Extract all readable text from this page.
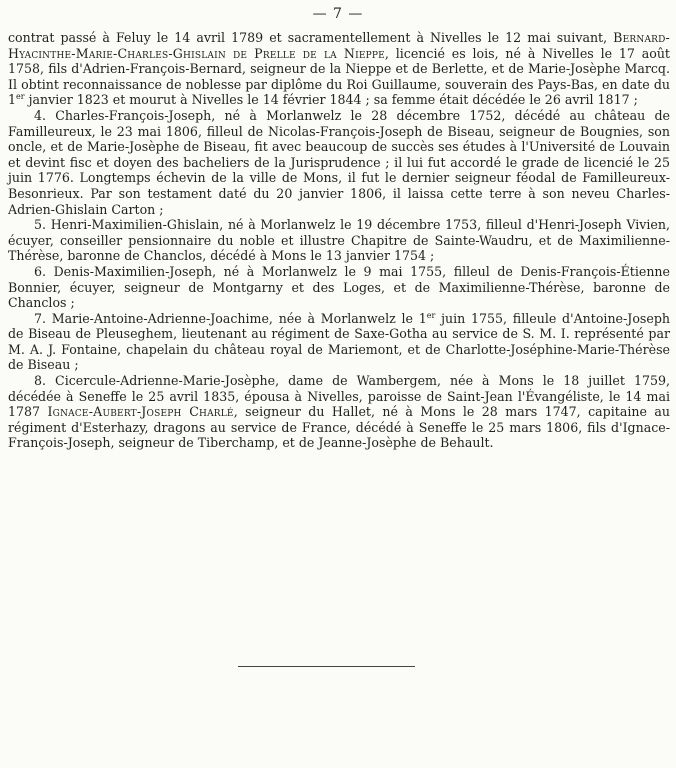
— 7 —

contrat passé à Feluy le 14 avril 1789 et sacramentellement à Nivelles le 12 mai suivant, Bernard-Hyacinthe-Marie-Charles-Ghislain de Prelle de la Nieppe, licencié es lois, né à Nivelles le 17 août 1758, fils d'Adrien-François-Bernard, seigneur de la Nieppe et de Berlette, et de Marie-Josèphe Marcq. Il obtint reconnaissance de noblesse par diplôme du Roi Guillaume, souverain des Pays-Bas, en date du 1er janvier 1823 et mourut à Nivelles le 14 février 1844 ; sa femme était décédée le 26 avril 1817 ;

4. Charles-François-Joseph, né à Morlanwelz le 28 décembre 1752, décédé au château de Familleureux, le 23 mai 1806, filleul de Nicolas-François-Joseph de Biseau, seigneur de Bougnies, son oncle, et de Marie-Josèphe de Biseau, fit avec beaucoup de succès ses études à l'Université de Louvain et devint fisc et doyen des bacheliers de la Jurisprudence ; il lui fut accordé le grade de licencié le 25 juin 1776. Longtemps échevin de la ville de Mons, il fut le dernier seigneur féodal de Familleureux-Besonrieux. Par son testament daté du 20 janvier 1806, il laissa cette terre à son neveu Charles-Adrien-Ghislain Carton ;

5. Henri-Maximilien-Ghislain, né à Morlanwelz le 19 décembre 1753, filleul d'Henri-Joseph Vivien, écuyer, conseiller pensionnaire du noble et illustre Chapitre de Sainte-Waudru, et de Maximilienne-Thérèse, baronne de Chanclos, décédé à Mons le 13 janvier 1754 ;

6. Denis-Maximilien-Joseph, né à Morlanwelz le 9 mai 1755, filleul de Denis-François-Étienne Bonnier, écuyer, seigneur de Montgarny et des Loges, et de Maximilienne-Thérèse, baronne de Chanclos ;

7. Marie-Antoine-Adrienne-Joachime, née à Morlanwelz le 1er juin 1755, filleule d'Antoine-Joseph de Biseau de Pleuseghem, lieutenant au régiment de Saxe-Gotha au service de S. M. I. représenté par M. A. J. Fontaine, chapelain du château royal de Mariemont, et de Charlotte-Joséphine-Marie-Thérèse de Biseau ;

8. Cicercule-Adrienne-Marie-Josèphe, dame de Wambergem, née à Mons le 18 juillet 1759, décédée à Seneffe le 25 avril 1835, épousa à Nivelles, paroisse de Saint-Jean l'Évangéliste, le 14 mai 1787 Ignace-Aubert-Joseph Charlé, seigneur du Hallet, né à Mons le 28 mars 1747, capitaine au régiment d'Esterhazy, dragons au service de France, décédé à Seneffe le 25 mars 1806, fils d'Ignace-François-Joseph, seigneur de Tiberchamp, et de Jeanne-Josèphe de Behault.
